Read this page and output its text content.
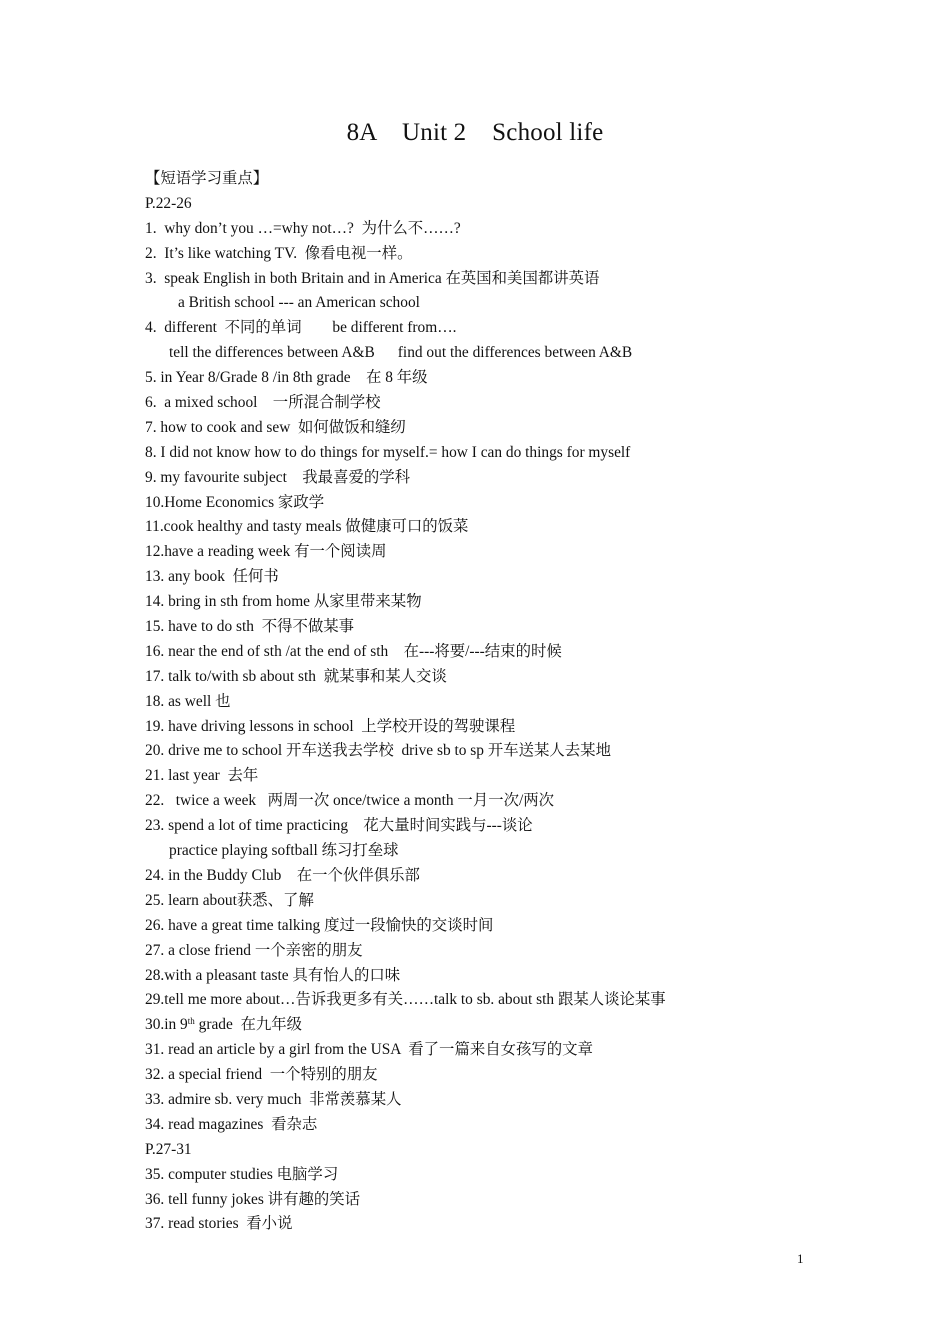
8A    Unit 2    School life
【短语学习重点】
P.22-26
1.  why don’t you …=why not…?  为什么不……?
2.  It’s like watching TV.  像看电视一样。
3.  speak English in both Britain and in America 在英国和美国都讲英语
a British school --- an American school
4.  different  不同的单词        be different from….
tell the differences between A&B      find out the differences between A&B
5. in Year 8/Grade 8 /in 8th grade    在 8 年级
6.  a mixed school    一所混合制学校
7. how to cook and sew  如何做饭和缝纫
8. I did not know how to do things for myself.= how I can do things for myself
9. my favourite subject    我最喜爱的学科
10.Home Economics 家政学
11.cook healthy and tasty meals 做健康可口的饭菜
12.have a reading week 有一个阅读周
13. any book  任何书
14. bring in sth from home 从家里带来某物
15. have to do sth  不得不做某事
16. near the end of sth /at the end of sth    在---将要/---结束的时候
17. talk to/with sb about sth  就某事和某人交谈
18. as well 也
19. have driving lessons in school  上学校开设的驾驶课程
20. drive me to school 开车送我去学校  drive sb to sp 开车送某人去某地
21. last year  去年
22.   twice a week   两周一次 once/twice a month 一月一次/两次
23. spend a lot of time practicing    花大量时间实践与---谈论
practice playing softball 练习打垒球
24. in the Buddy Club    在一个伙伴俱乐部
25. learn about获悉、了解
26. have a great time talking 度过一段愉快的交谈时间
27. a close friend 一个亲密的朋友
28.with a pleasant taste 具有怡人的口味
29.tell me more about…告诉我更多有关……talk to sb. about sth 跟某人谈论某事
30.in 9th grade  在九年级
31. read an article by a girl from the USA  看了一篇来自女孩写的文章
32. a special friend  一个特别的朋友
33. admire sb. very much  非常羡慕某人
34. read magazines  看杂志
P.27-31
35. computer studies 电脑学习
36. tell funny jokes 讲有趣的笑话
37. read stories  看小说
1
